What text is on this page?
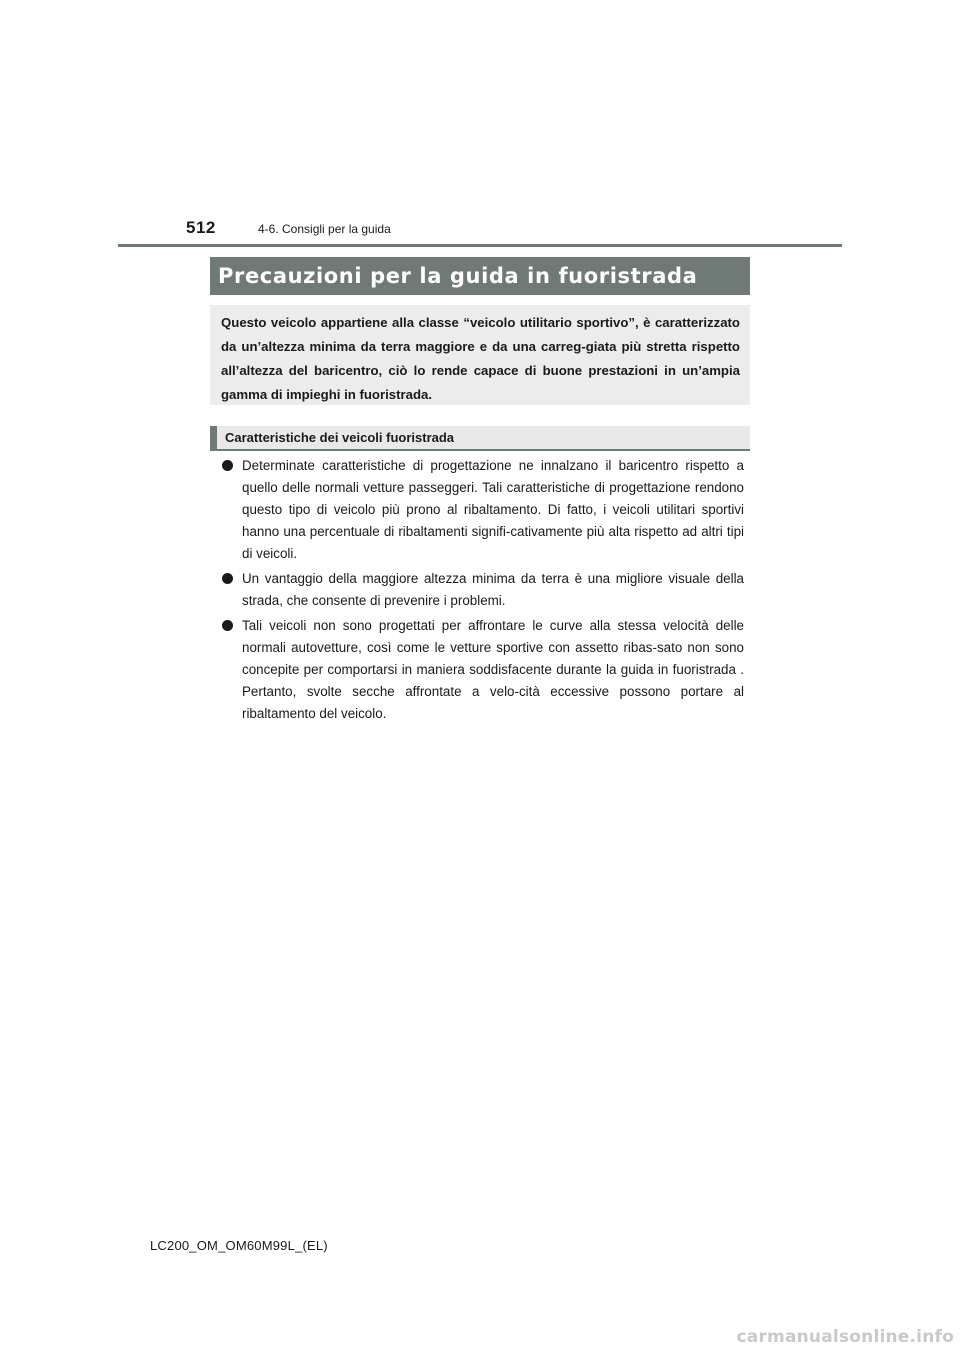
512	4-6. Consigli per la guida
Precauzioni per la guida in fuoristrada
Questo veicolo appartiene alla classe “veicolo utilitario sportivo”, è caratterizzato da un’altezza minima da terra maggiore e da una carreg-giata più stretta rispetto all’altezza del baricentro, ciò lo rende capace di buone prestazioni in un’ampia gamma di impieghi in fuoristrada.
Caratteristiche dei veicoli fuoristrada
Determinate caratteristiche di progettazione ne innalzano il baricentro rispetto a quello delle normali vetture passeggeri. Tali caratteristiche di progettazione rendono questo tipo di veicolo più prono al ribaltamento. Di fatto, i veicoli utilitari sportivi hanno una percentuale di ribaltamenti signifi-cativamente più alta rispetto ad altri tipi di veicoli.
Un vantaggio della maggiore altezza minima da terra è una migliore visuale della strada, che consente di prevenire i problemi.
Tali veicoli non sono progettati per affrontare le curve alla stessa velocità delle normali autovetture, così come le vetture sportive con assetto ribas-sato non sono concepite per comportarsi in maniera soddisfacente durante la guida in fuoristrada . Pertanto, svolte secche affrontate a velo-cità eccessive possono portare al ribaltamento del veicolo.
LC200_OM_OM60M99L_(EL)
carmanualsonline.info
